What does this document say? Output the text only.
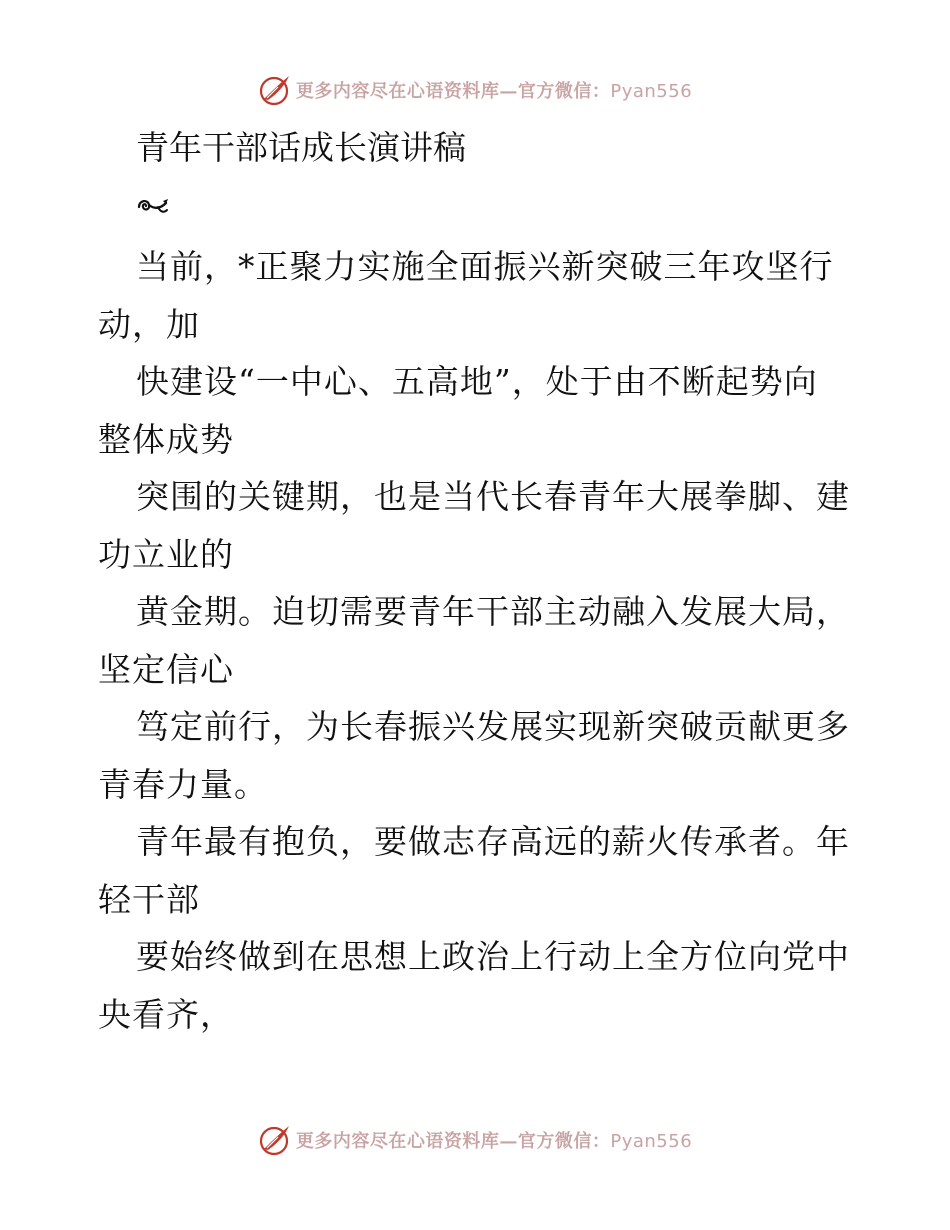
更多内容尽在心语资料库—官方微信：Pyan556
青年干部话成长演讲稿

当前，*正聚力实施全面振兴新突破三年攻坚行
动，加

快建设“一中心、五高地”，处于由不断起势向
整体成势

突围的关键期，也是当代长春青年大展拳脚、建
功立业的

黄金期。迫切需要青年干部主动融入发展大局，
坚定信心

笃定前行，为长春振兴发展实现新突破贡献更多
青春力量。

青年最有抱负，要做志存高远的薪火传承者。年
轻干部

要始终做到在思想上政治上行动上全方位向党中
央看齐，

更多内容尽在心语资料库—官方微信：Pyan556
